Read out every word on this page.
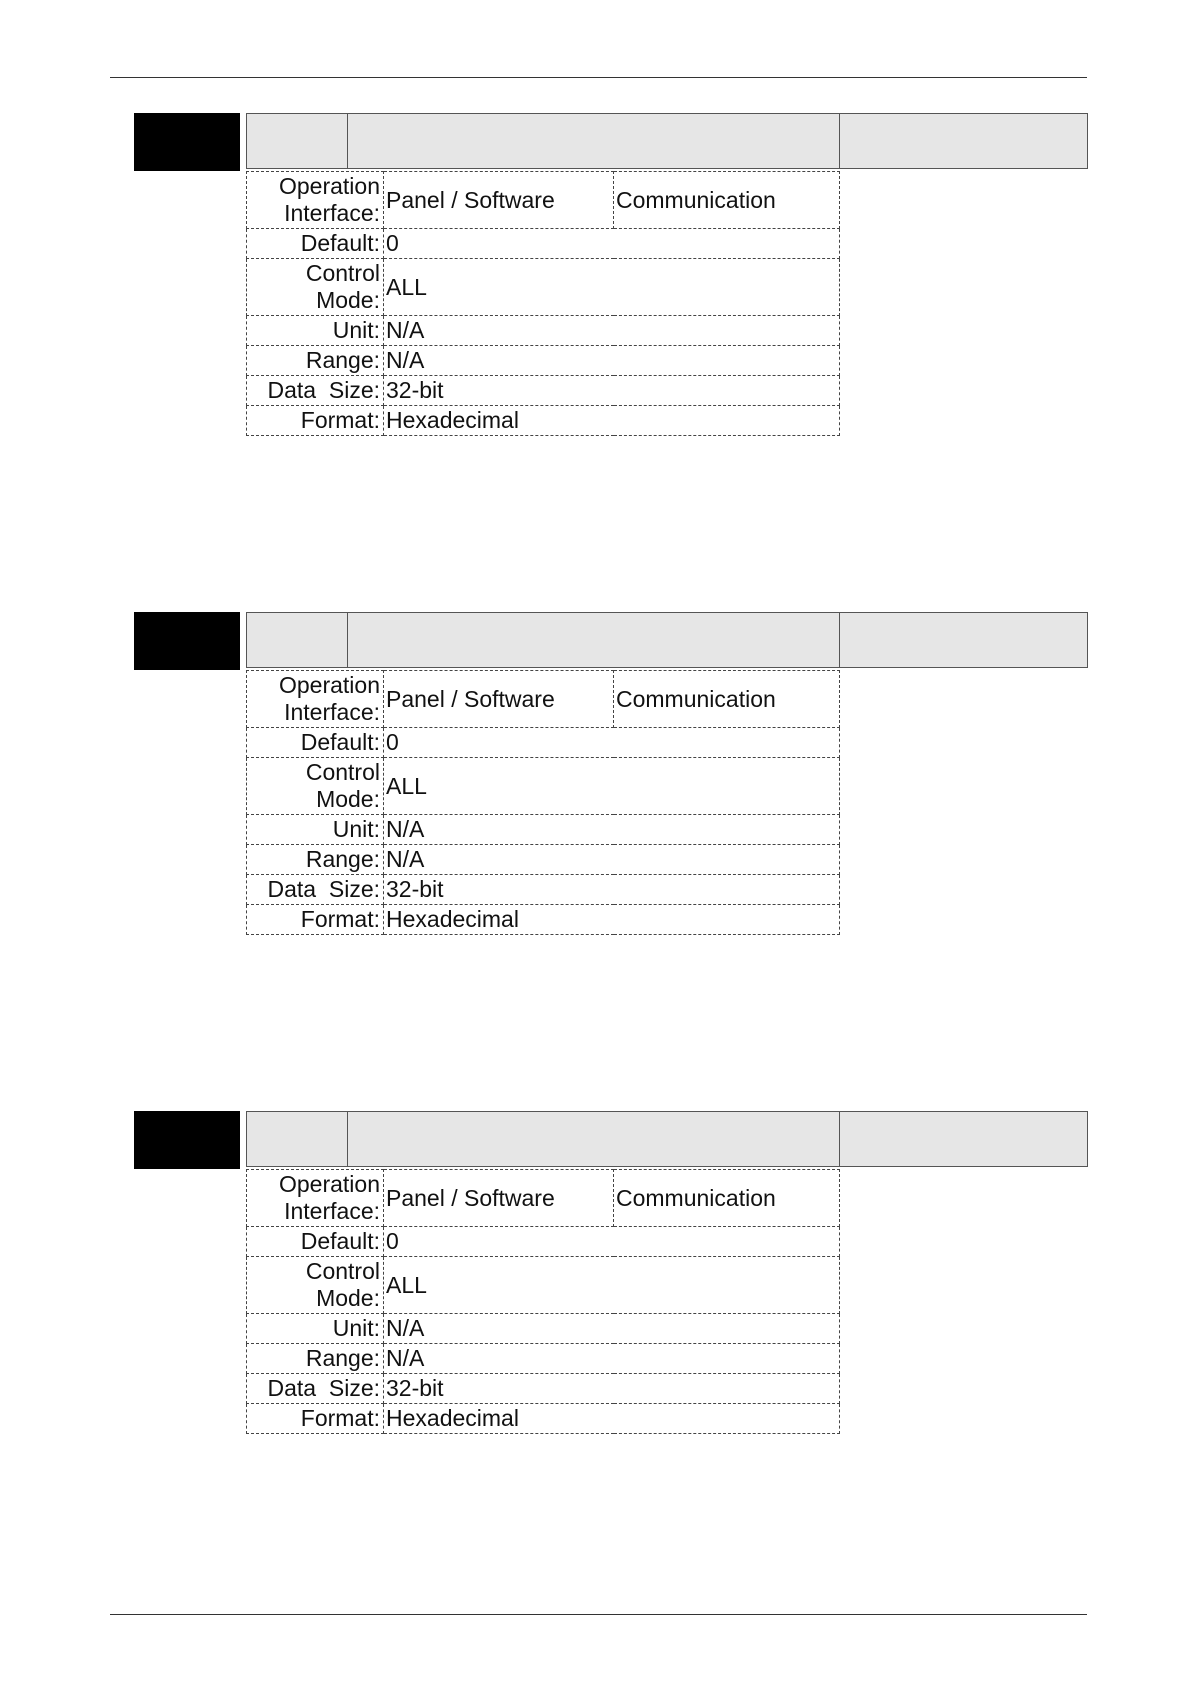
Operation
Interface:	Panel / Software	Communication
Default:	0	
Control
Mode:	ALL	
Unit:	N/A	
Range:	N/A	
Data  Size:	32-bit	
Format:	Hexadecimal	
Operation
Interface:	Panel / Software	Communication
Default:	0	
Control
Mode:	ALL	
Unit:	N/A	
Range:	N/A	
Data  Size:	32-bit	
Format:	Hexadecimal	
Operation
Interface:	Panel / Software	Communication
Default:	0	
Control
Mode:	ALL	
Unit:	N/A	
Range:	N/A	
Data  Size:	32-bit	
Format:	Hexadecimal	
